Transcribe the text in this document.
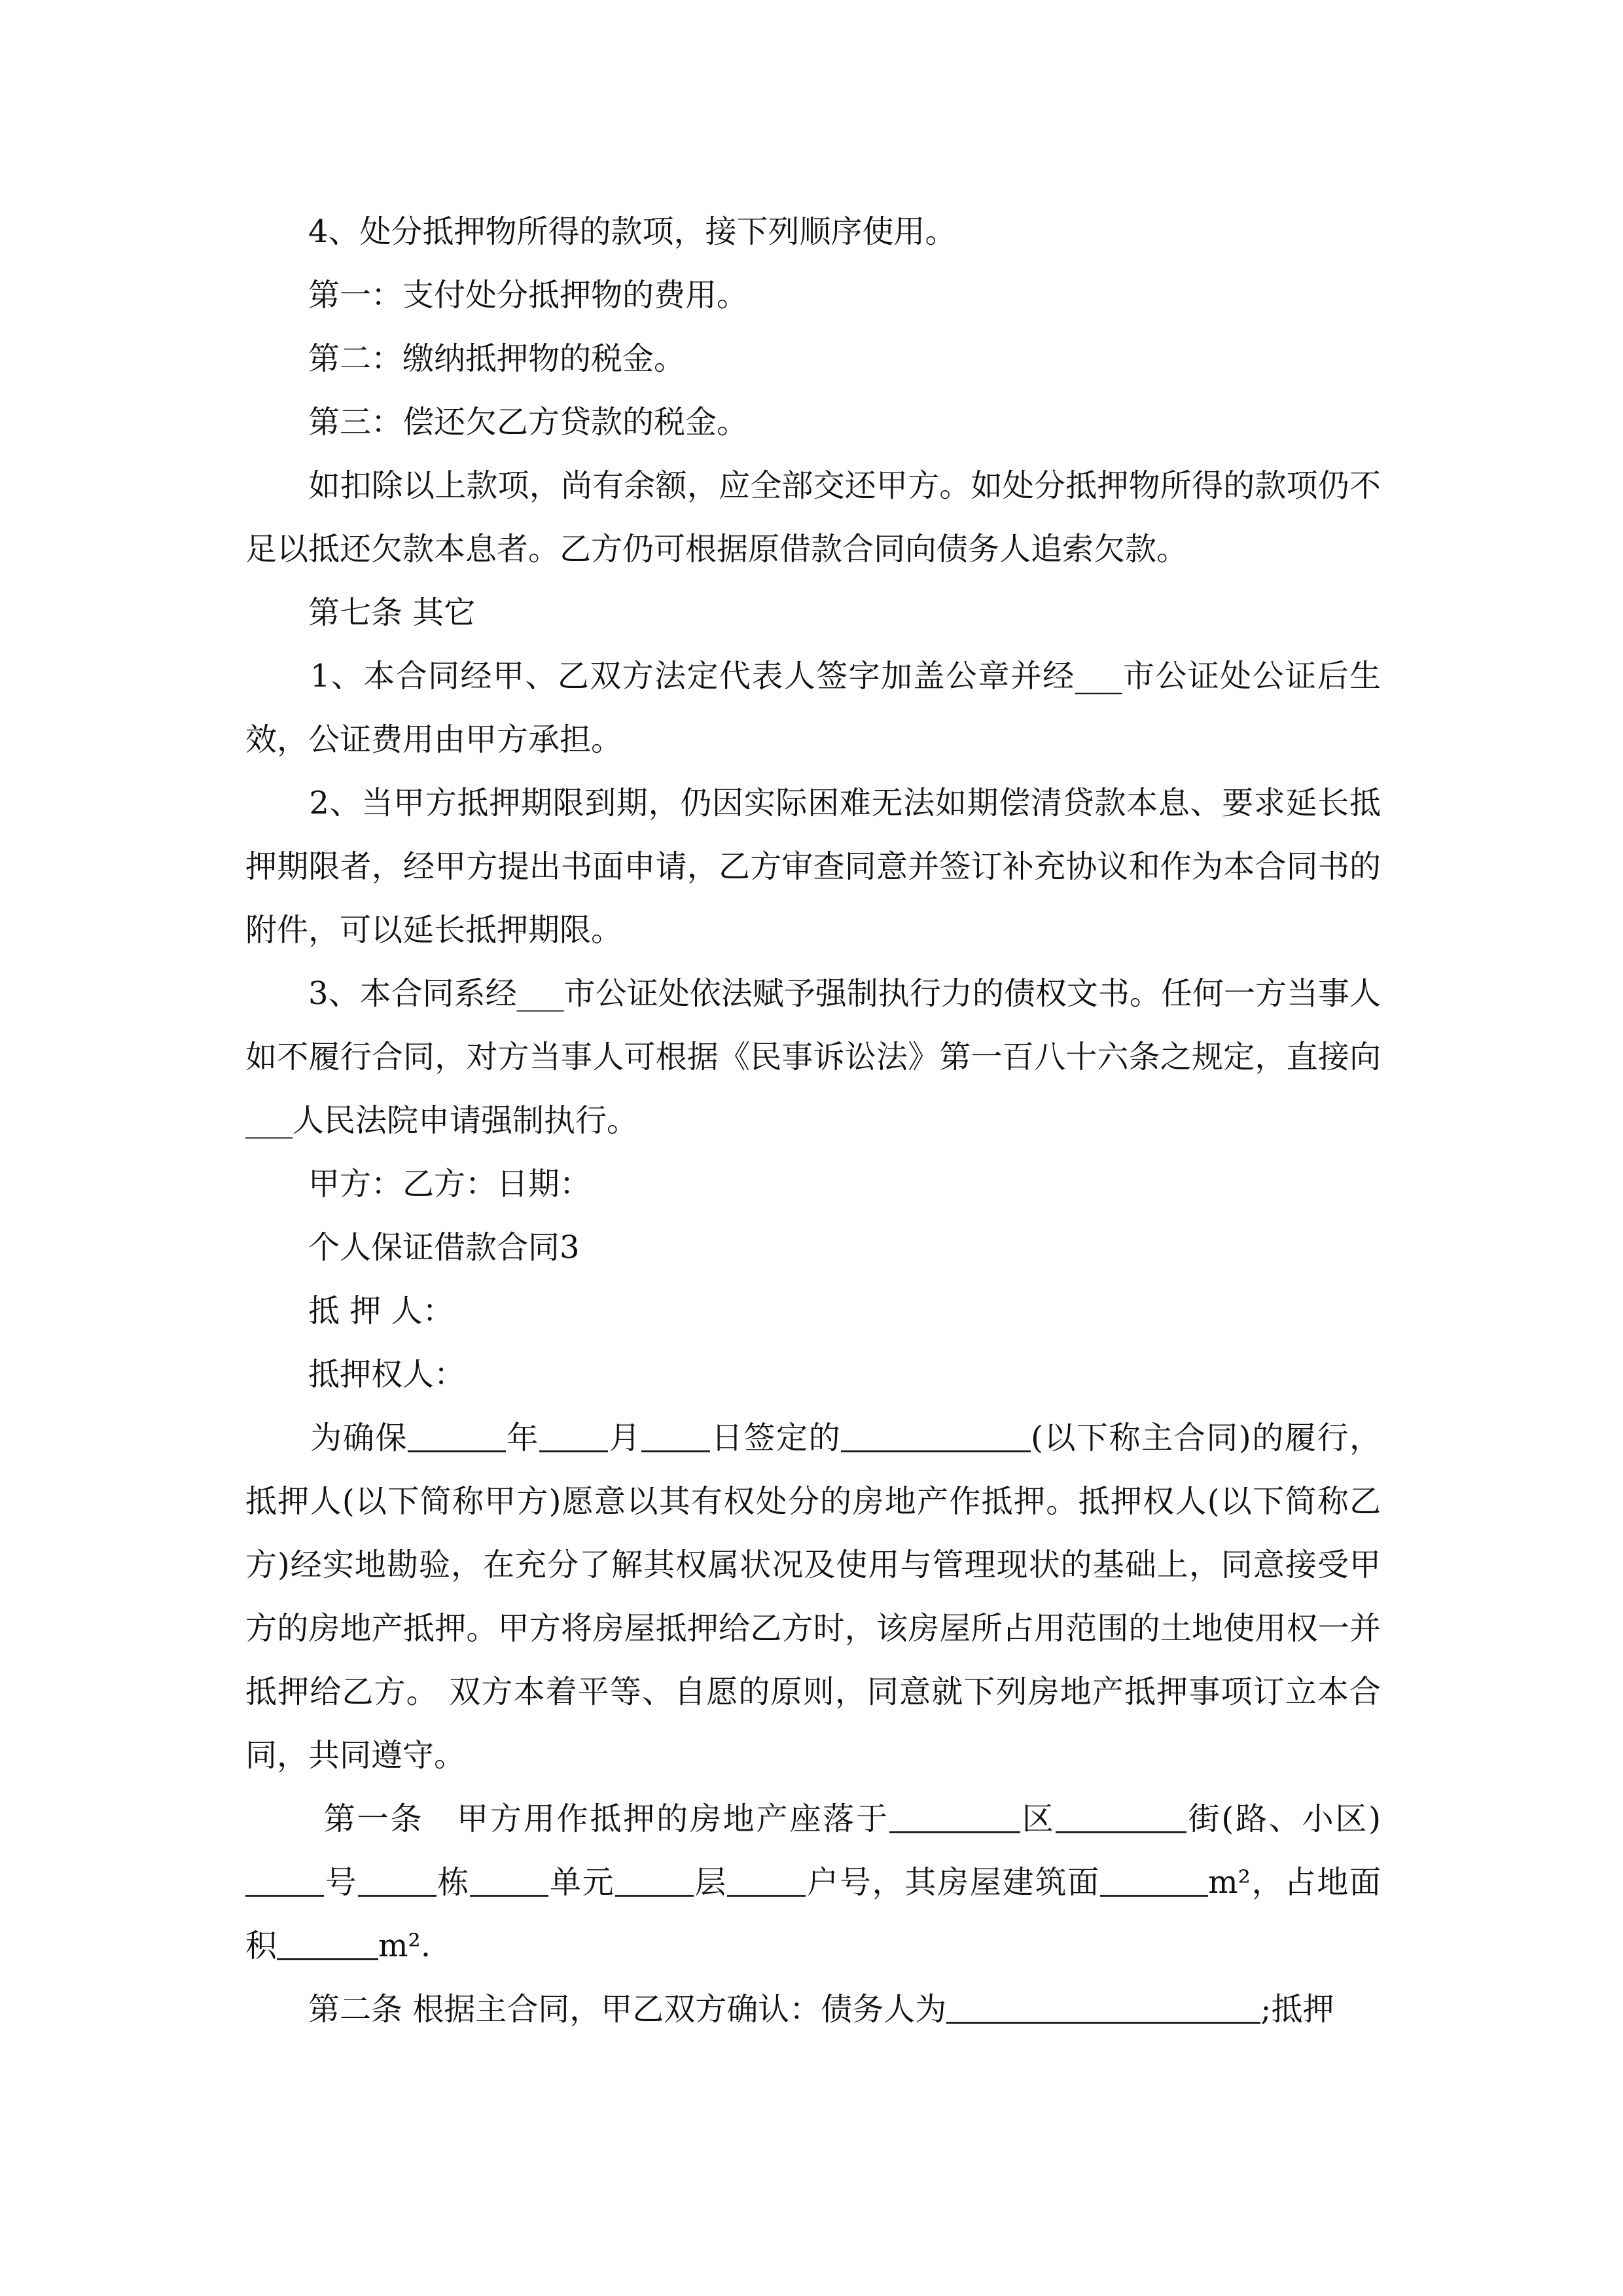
　　4、处分抵押物所得的款项，接下列顺序使用。

　　第一：支付处分抵押物的费用。

　　第二：缴纳抵押物的税金。

　　第三：偿还欠乙方贷款的税金。

　　如扣除以上款项，尚有余额，应全部交还甲方。如处分抵押物所得的款项仍不足以抵还欠款本息者。乙方仍可根据原借款合同向债务人追索欠款。

　　第七条 其它

　　1、本合同经甲、乙双方法定代表人签字加盖公章并经___市公证处公证后生效，公证费用由甲方承担。

　　2、当甲方抵押期限到期，仍因实际困难无法如期偿清贷款本息、要求延长抵押期限者，经甲方提出书面申请，乙方审查同意并签订补充协议和作为本合同书的附件，可以延长抵押期限。

　　3、本合同系经___市公证处依法赋予强制执行力的债权文书。任何一方当事人如不履行合同，对方当事人可根据《民事诉讼法》第一百八十六条之规定，直接向___人民法院申请强制执行。

　　甲方：乙方：日期：

　　个人保证借款合同3

　　抵 押 人：

　　抵押权人：

　　为确保	年 月 日签定的	(以下称主合同)的履行，抵押人(以下简称甲方)愿意以其有权处分的房地产作抵押。抵押权人(以下简称乙方)经实地勘验，在充分了解其权属状况及使用与管理现状的基础上，同意接受甲方的房地产抵押。甲方将房屋抵押给乙方时，该房屋所占用范围的土地使用权一并抵押给乙方。 双方本着平等、自愿的原则，同意就下列房地产抵押事项订立本合同，共同遵守。

　　 第一条　甲方用作抵押的房地产座落于	区	街(路、小区)号	栋	单元	层	户号，其房屋建筑面	m²，占地面积	m².

　　第二条 根据主合同，甲乙双方确认：债务人为	;抵押
